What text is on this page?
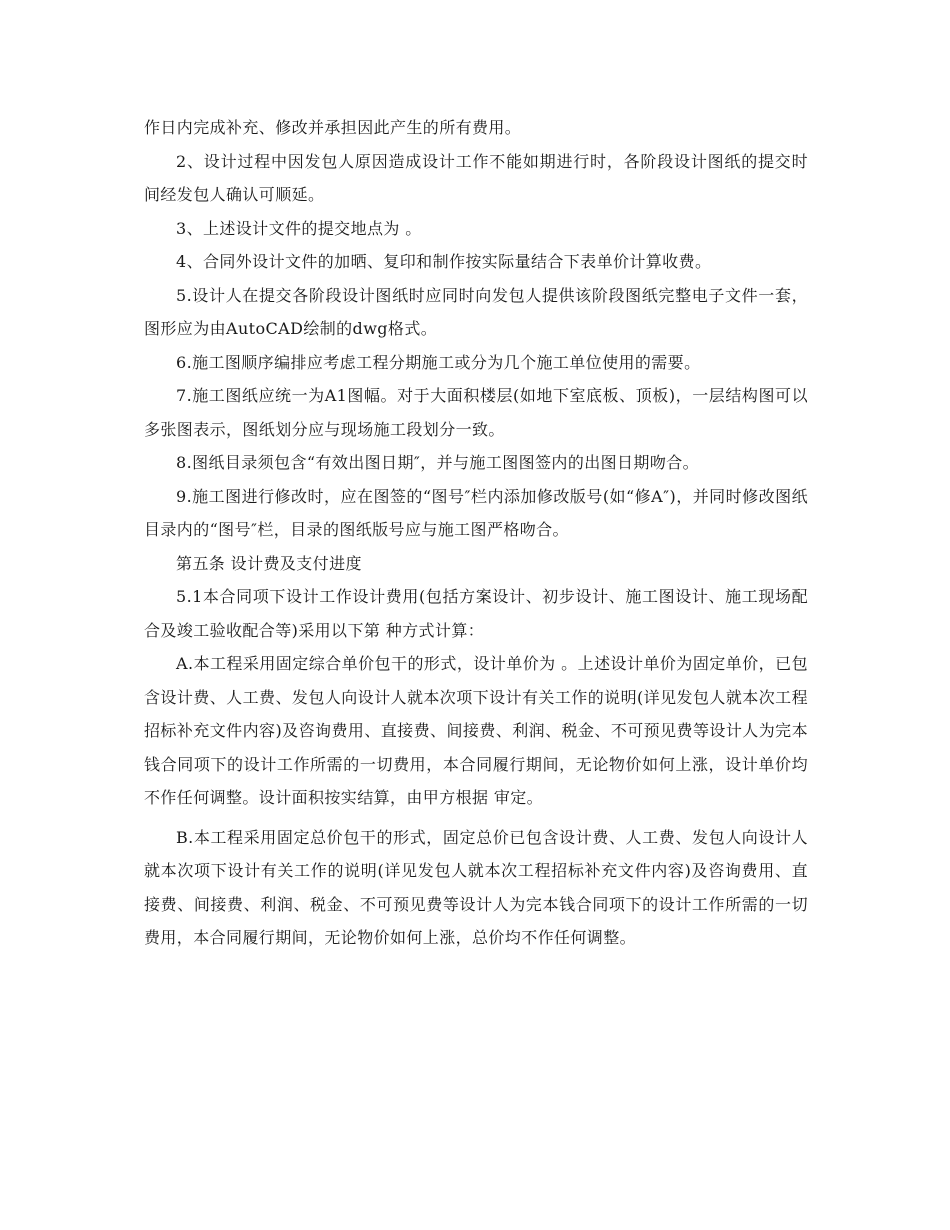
作日内完成补充、修改并承担因此产生的所有费用。

2、设计过程中因发包人原因造成设计工作不能如期进行时，各阶段设计图纸的提交时间经发包人确认可顺延。

3、上述设计文件的提交地点为 。

4、合同外设计文件的加晒、复印和制作按实际量结合下表单价计算收费。

5.设计人在提交各阶段设计图纸时应同时向发包人提供该阶段图纸完整电子文件一套，图形应为由AutoCAD绘制的dwg格式。

6.施工图顺序编排应考虑工程分期施工或分为几个施工单位使用的需要。

7.施工图纸应统一为A1图幅。对于大面积楼层(如地下室底板、顶板)，一层结构图可以多张图表示，图纸划分应与现场施工段划分一致。

8.图纸目录须包含“有效出图日期″，并与施工图图签内的出图日期吻合。

9.施工图进行修改时，应在图签的“图号″栏内添加修改版号(如“修A″)，并同时修改图纸目录内的“图号″栏，目录的图纸版号应与施工图严格吻合。

第五条 设计费及支付进度

5.1本合同项下设计工作设计费用(包括方案设计、初步设计、施工图设计、施工现场配合及竣工验收配合等)采用以下第 种方式计算：

A.本工程采用固定综合单价包干的形式，设计单价为 。上述设计单价为固定单价，已包含设计费、人工费、发包人向设计人就本次项下设计有关工作的说明(详见发包人就本次工程招标补充文件内容)及咨询费用、直接费、间接费、利润、税金、不可预见费等设计人为完本钱合同项下的设计工作所需的一切费用，本合同履行期间，无论物价如何上涨，设计单价均不作任何调整。设计面积按实结算，由甲方根据 审定。

B.本工程采用固定总价包干的形式，固定总价已包含设计费、人工费、发包人向设计人就本次项下设计有关工作的说明(详见发包人就本次工程招标补充文件内容)及咨询费用、直接费、间接费、利润、税金、不可预见费等设计人为完本钱合同项下的设计工作所需的一切费用，本合同履行期间，无论物价如何上涨，总价均不作任何调整。
